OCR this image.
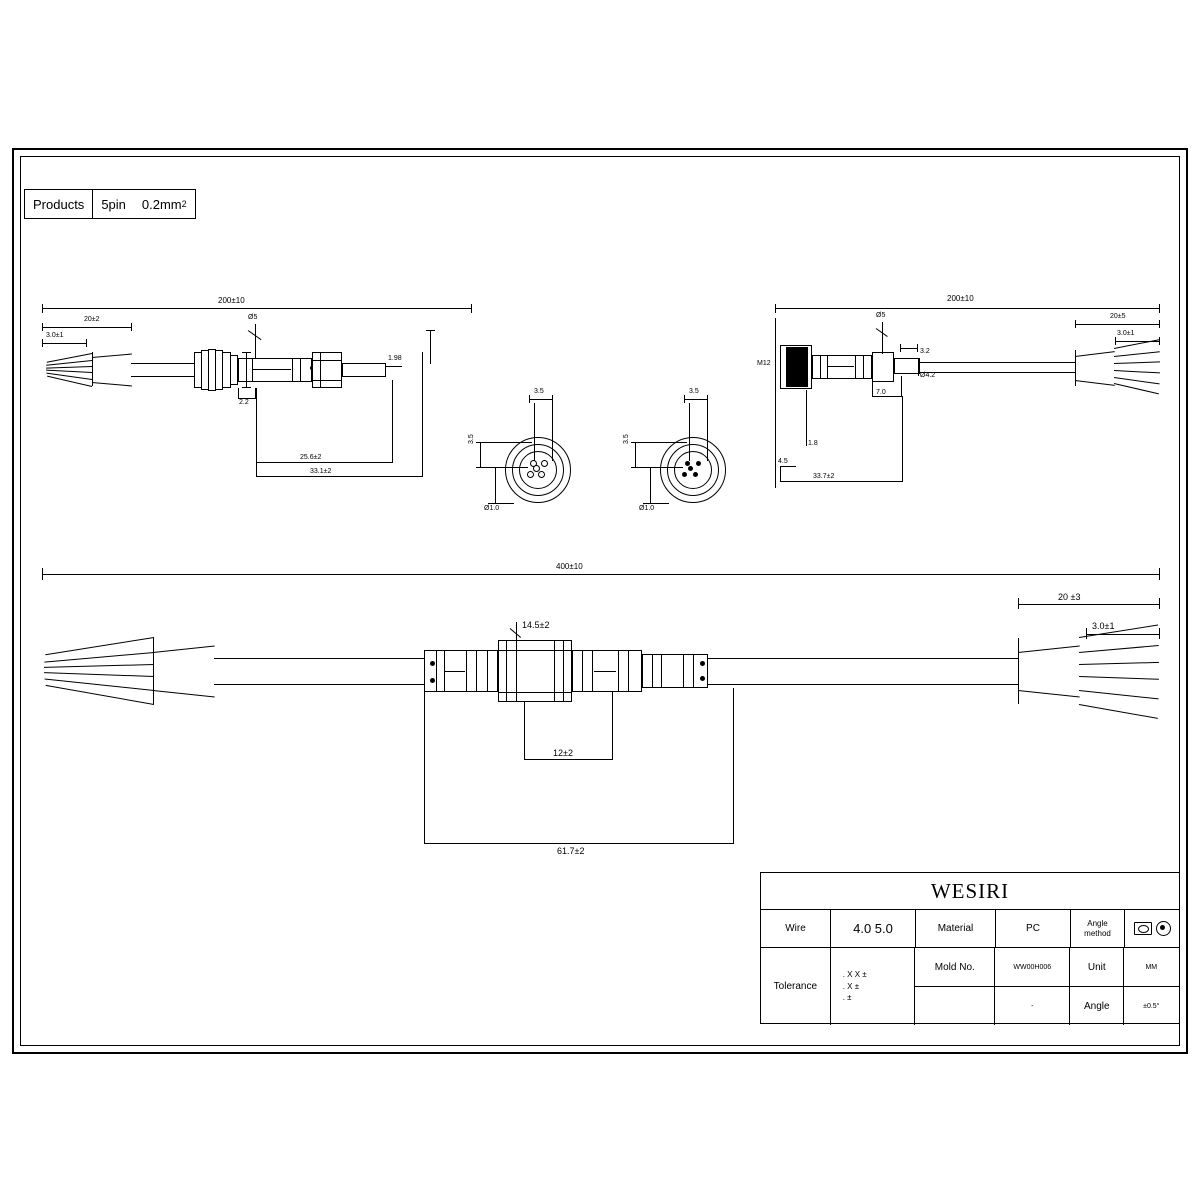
Products	5pin	0.2mm 2
200±10
20±2
3.0±1
1.98
Ø5
2.2
25.6±2
33.1±2
200±10
20±5
3.0±1
M12
Ø5
3.2
Ø4.2
7.0
1.8
4.5
33.7±2
3.5
3.5
Ø1.0
3.5
3.5
Ø1.0
400±10
20 ±3
3.0±1
14.5±2
12±2
61.7±2
WESIRI
Wire	4.0 5.0	Material	PC	Angle method
Tolerance
. X X ±
. X ±
. ±
Mold No.	WW00H006	Unit	MM
-	Angle	±0.5°
